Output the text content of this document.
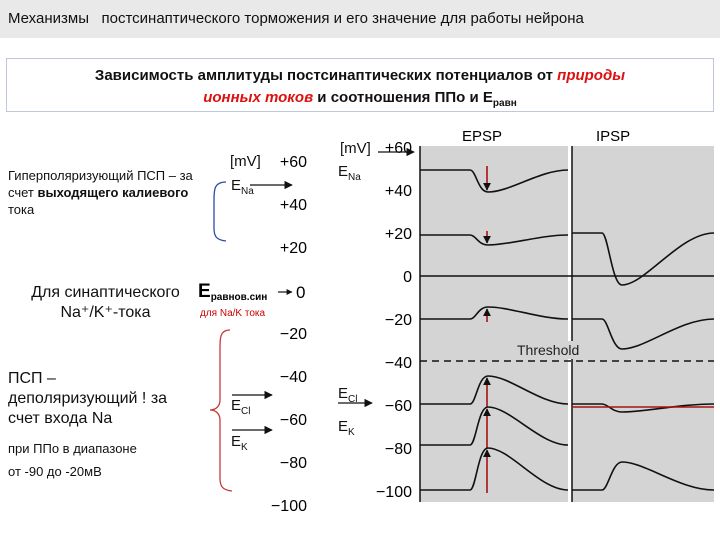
Механизмы   постсинаптического торможения и его значение для работы нейрона
Зависимость амплитуды постсинаптических потенциалов от природы
ионных токов и соотношения ППо и $Е_{равн}$
Гиперполяризующий ПСП – за счет выходящего калиевого тока
Для синаптического Na⁺/K⁺-тока
ПСП – деполяризующий ! за счет входа Na
при ППо в диапазоне
от -90 до -20мВ
[mV] +60
+40
+20
0
−20
−40
−60
−80
−100
$E_{Na}$
Eравнов.син
для Na/K тока
$E_{Cl}$
$E_K$
[mV] +60
+40
+20
0
−20
−40
−60
−80
−100
$E_{Na}$
$E_{Cl}$
$E_K$
EPSP	IPSP
Threshold
